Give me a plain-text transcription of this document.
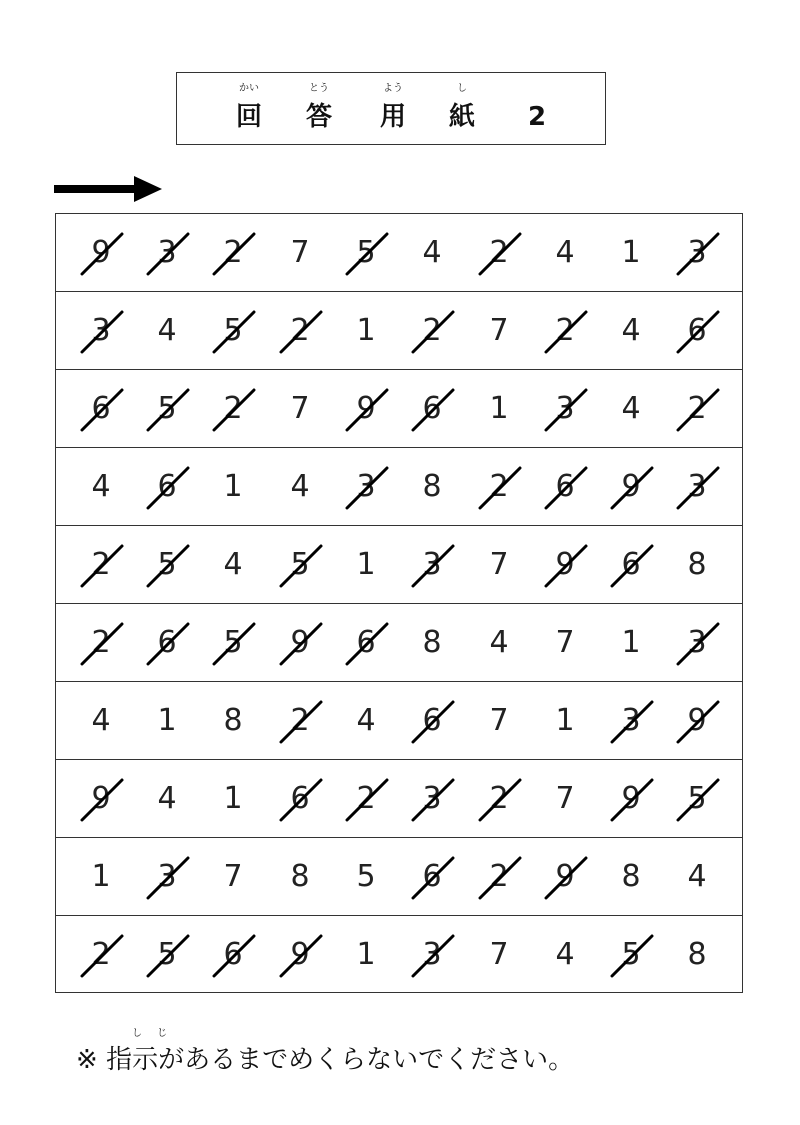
かい
回
とう
答
よう
用
し
紙	2
9 3 2 7 5 4 2 4 1 3
3 4 5 2 1 2 7 2 4 6
6 5 2 7 9 6 1 3 4 2
4 6 1 4 3 8 2 6 9 3
2 5 4 5 1 3 7 9 6 8
2 6 5 9 6 8 4 7 1 3
4 1 8 2 4 6 7 1 3 9
9 4 1 6 2 3 2 7 9 5
1 3 7 8 5 6 2 9 8 4
2 5 6 9 1 3 7 4 5 8
し じ
※ 指示があるまでめくらないでください。
